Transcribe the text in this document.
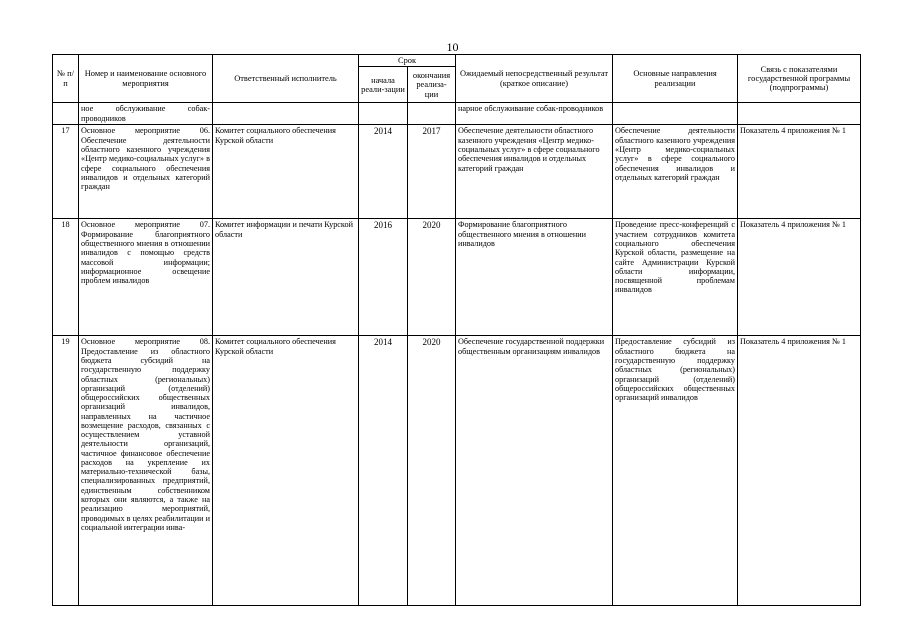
10
№ п/п	Номер и наименование основного мероприятия	Ответственный исполнитель	Срок		Ожидаемый непосредственный результат (краткое описание)	Основные направления реализации	Связь с показателями государственной программы (подпрограммы)
			начала реали-зации	окончания реализа-ции			
	ное обслуживание собак-проводников				нарное обслуживание собак-проводников		
17	Основное мероприятие 06. Обеспечение деятельности областного казенного учреждения «Центр медико-социальных услуг» в сфере социального обеспечения инвалидов и отдельных категорий граждан	Комитет социального обеспечения Курской области	2014	2017	Обеспечение деятельности областного казенного учреждения «Центр медико-социальных услуг» в сфере социального обеспечения инвалидов и отдельных категорий граждан	Обеспечение деятельности областного казенного учреждения «Центр медико-социальных услуг» в сфере социального обеспечения инвалидов и отдельных категорий граждан	Показатель 4 приложения № 1
18	Основное мероприятие 07. Формирование благоприятного общественного мнения в отношении инвалидов с помощью средств массовой информации; информационное освещение проблем инвалидов	Комитет информации и печати Курской области	2016	2020	Формирование благоприятного общественного мнения в отношении инвалидов	Проведение пресс-конференций с участием сотрудников комитета социального обеспечения Курской области, размещение на сайте Администрации Курской области информации, посвященной проблемам инвалидов	Показатель 4 приложения № 1
19	Основное мероприятие 08. Предоставление из областного бюджета субсидий на государственную поддержку областных (региональных) организаций (отделений) общероссийских общественных организаций инвалидов, направленных на частичное возмещение расходов, связанных с осуществлением уставной деятельности организаций, частичное финансовое обеспечение расходов на укрепление их материально-технической базы, специализированных предприятий, единственным собственником которых они являются, а также на реализацию мероприятий, проводимых в целях реабилитации и социальной интеграции инва-	Комитет социального обеспечения Курской области	2014	2020	Обеспечение государственной поддержки общественным организациям инвалидов	Предоставление субсидий из областного бюджета на государственную поддержку областных (региональных) организаций (отделений) общероссийских общественных организаций инвалидов	Показатель 4 приложения № 1
